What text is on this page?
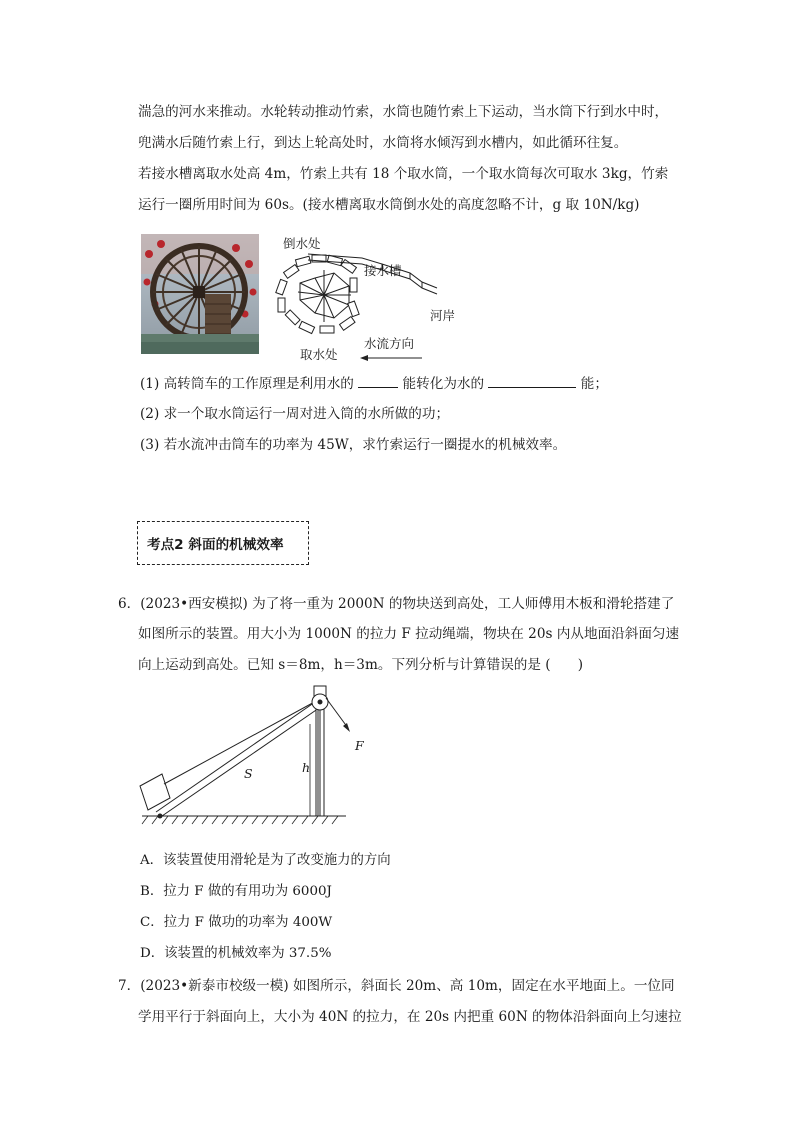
湍急的河水来推动。水轮转动推动竹索，水筒也随竹索上下运动，当水筒下行到水中时，
兜满水后随竹索上行，到达上轮高处时，水筒将水倾泻到水槽内，如此循环往复。
若接水槽离取水处高 4m，竹索上共有 18 个取水筒，一个取水筒每次可取水 3kg，竹索
运行一圈所用时间为 60s。(接水槽离取水筒倒水处的高度忽略不计，g 取 10N/kg)
倒水处
接水槽
河岸
取水处
水流方向
(1) 高转筒车的工作原理是利用水的	能转化为水的	能；
(2) 求一个取水筒运行一周对进入筒的水所做的功；
(3) 若水流冲击筒车的功率为 45W，求竹索运行一圈提水的机械效率。
考点2 斜面的机械效率
6．(2023•西安模拟) 为了将一重为 2000N 的物块送到高处，工人师傅用木板和滑轮搭建了
如图所示的装置。用大小为 1000N 的拉力 F 拉动绳端，物块在 20s 内从地面沿斜面匀速
向上运动到高处。已知 s＝8m，h＝3m。下列分析与计算错误的是 (　　)
S	h
F
A．该装置使用滑轮是为了改变施力的方向
B．拉力 F 做的有用功为 6000J
C．拉力 F 做功的功率为 400W
D．该装置的机械效率为 37.5%
7．(2023•新泰市校级一模) 如图所示，斜面长 20m、高 10m，固定在水平地面上。一位同
学用平行于斜面向上，大小为 40N 的拉力，在 20s 内把重 60N 的物体沿斜面向上匀速拉
